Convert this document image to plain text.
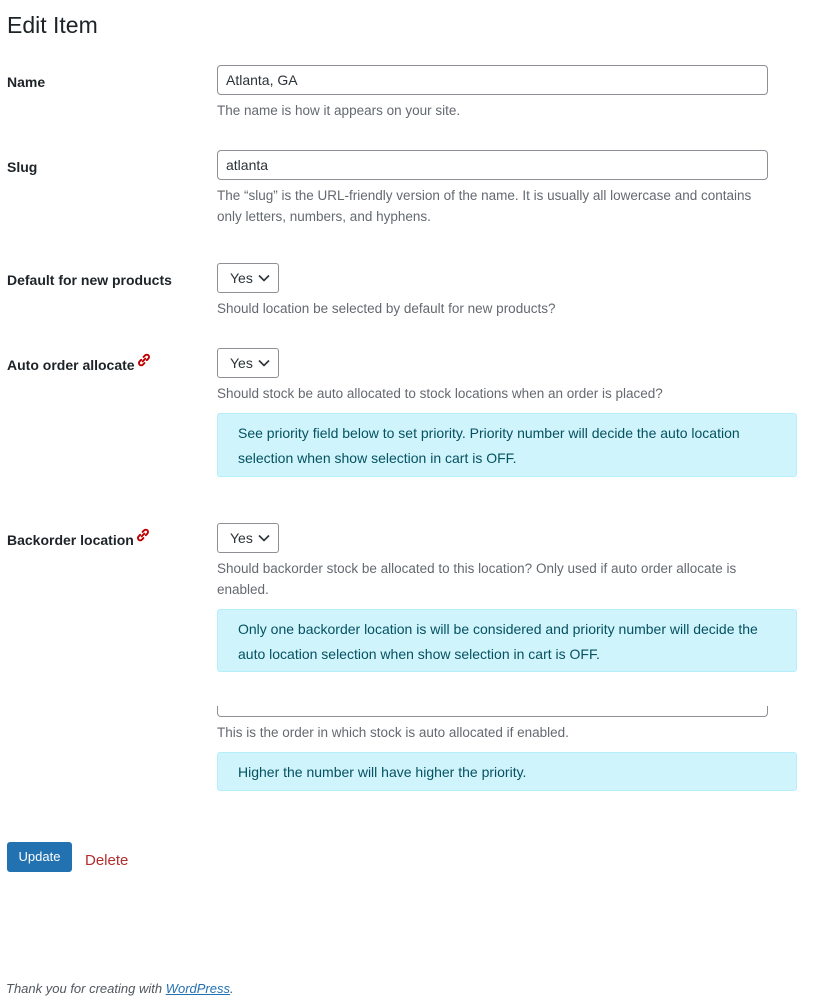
Edit Item
Name
Atlanta, GA
The name is how it appears on your site.
Slug
atlanta
The “slug” is the URL-friendly version of the name. It is usually all lowercase and contains only letters, numbers, and hyphens.
Default for new products	Yes
Should location be selected by default for new products?
Auto order allocate	Yes
Should stock be auto allocated to stock locations when an order is placed?
See priority field below to set priority. Priority number will decide the auto location selection when show selection in cart is OFF.
Backorder location	Yes
Should backorder stock be allocated to this location? Only used if auto order allocate is enabled.
Only one backorder location is will be considered and priority number will decide the auto location selection when show selection in cart is OFF.
This is the order in which stock is auto allocated if enabled.
Higher the number will have higher the priority.
Update	Delete
Thank you for creating with WordPress.
